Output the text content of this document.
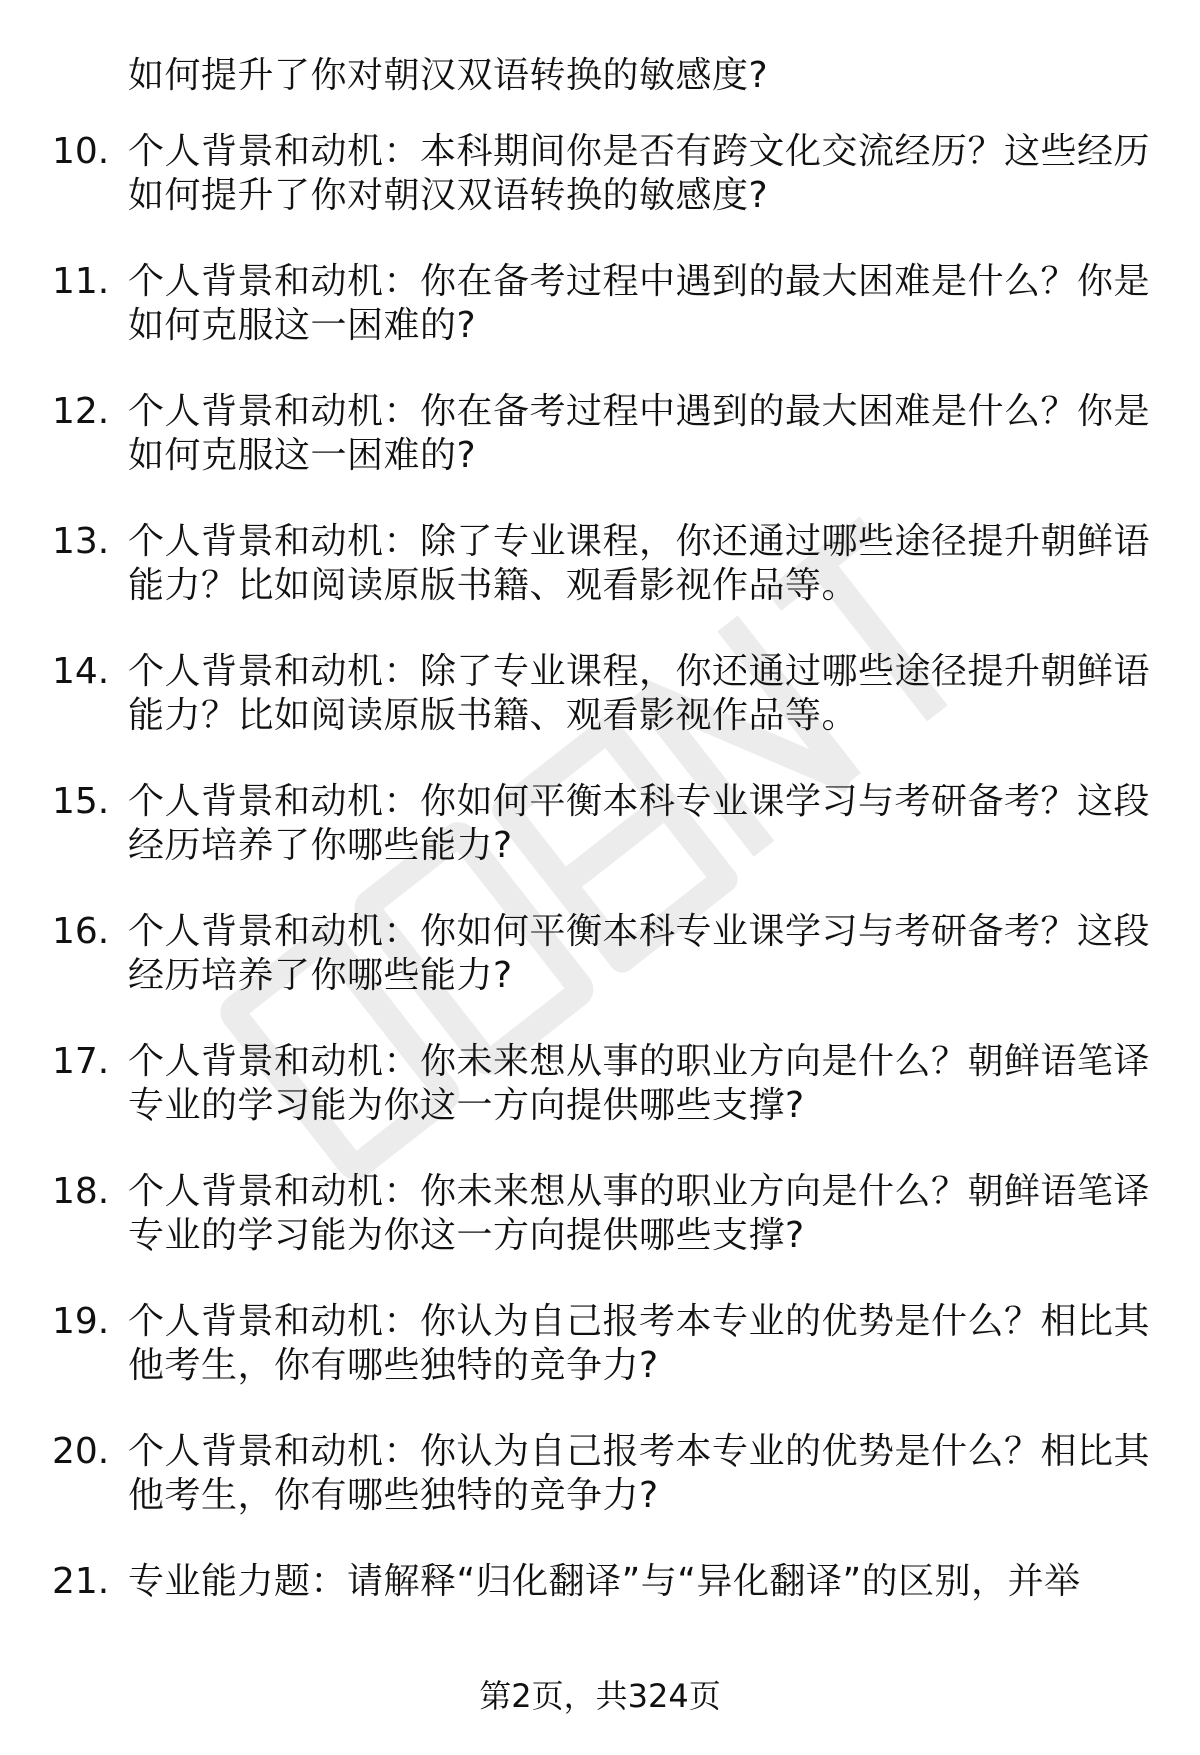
如何提升了你对朝汉双语转换的敏感度?
10. 个人背景和动机：本科期间你是否有跨文化交流经历？这些经历
如何提升了你对朝汉双语转换的敏感度?
11. 个人背景和动机：你在备考过程中遇到的最大困难是什么？你是
如何克服这一困难的?
12. 个人背景和动机：你在备考过程中遇到的最大困难是什么？你是
如何克服这一困难的?
13. 个人背景和动机：除了专业课程，你还通过哪些途径提升朝鲜语
能力？比如阅读原版书籍、观看影视作品等。
14. 个人背景和动机：除了专业课程，你还通过哪些途径提升朝鲜语
能力？比如阅读原版书籍、观看影视作品等。
15. 个人背景和动机：你如何平衡本科专业课学习与考研备考？这段
经历培养了你哪些能力?
16. 个人背景和动机：你如何平衡本科专业课学习与考研备考？这段
经历培养了你哪些能力?
17. 个人背景和动机：你未来想从事的职业方向是什么？朝鲜语笔译
专业的学习能为你这一方向提供哪些支撑?
18. 个人背景和动机：你未来想从事的职业方向是什么？朝鲜语笔译
专业的学习能为你这一方向提供哪些支撑?
19. 个人背景和动机：你认为自己报考本专业的优势是什么？相比其
他考生，你有哪些独特的竞争力?
20. 个人背景和动机：你认为自己报考本专业的优势是什么？相比其
他考生，你有哪些独特的竞争力?
21. 专业能力题：请解释“归化翻译”与“异化翻译”的区别，并举
第2页，共324页
